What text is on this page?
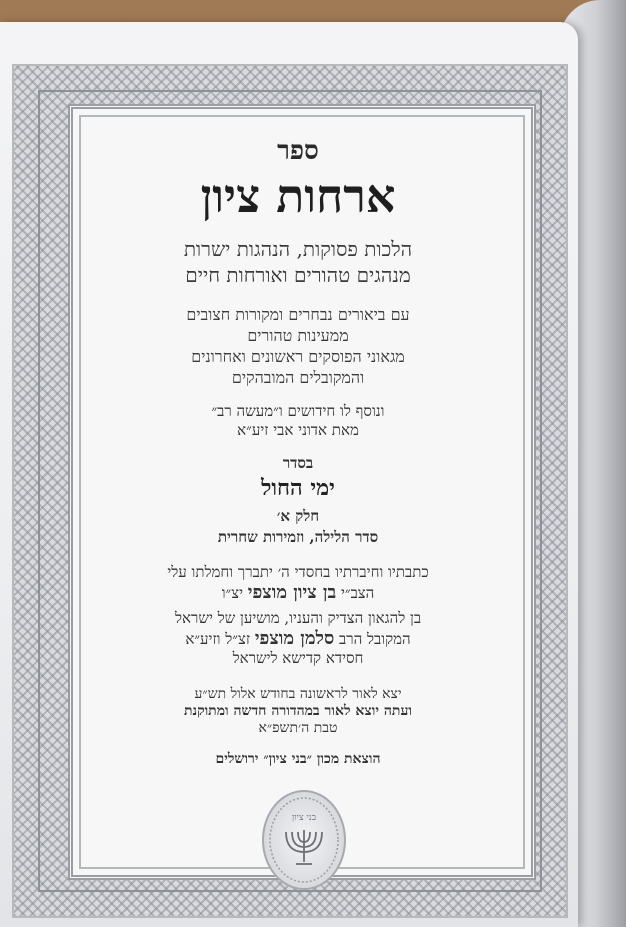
ספר
ארחות ציון
הלכות פסוקות, הנהגות ישרות
מנהגים טהורים ואורחות חיים
עם ביאורים נבחרים ומקורות חצובים
ממעינות טהורים
מגאוני הפוסקים ראשונים ואחרונים
והמקובלים המובהקים
ונוסף לו חידושים ו״מעשה רב״
מאת אדוני אבי זיע״א
בסדר
ימי החול
חלק א׳
סדר הלילה, וזמירות שחרית
כתבתיו וחיברתיו בחסדי ה׳ יתברך וחמלתו עלי
הצב״י בן ציון מוצפי יצ״ו
בן להגאון הצדיק והעניו, מושיען של ישראל
המקובל הרב סלמן מוצפי זצ״ל וזיע״א
חסידא קדישא לישראל
יצא לאור לראשונה בחודש אלול תש״ע
ועתה יוצא לאור במהדורה חדשה ומתוקנת
טבת ה׳תשפ״א
הוצאת מכון ״בני ציון״ ירושלים
בני ציון
